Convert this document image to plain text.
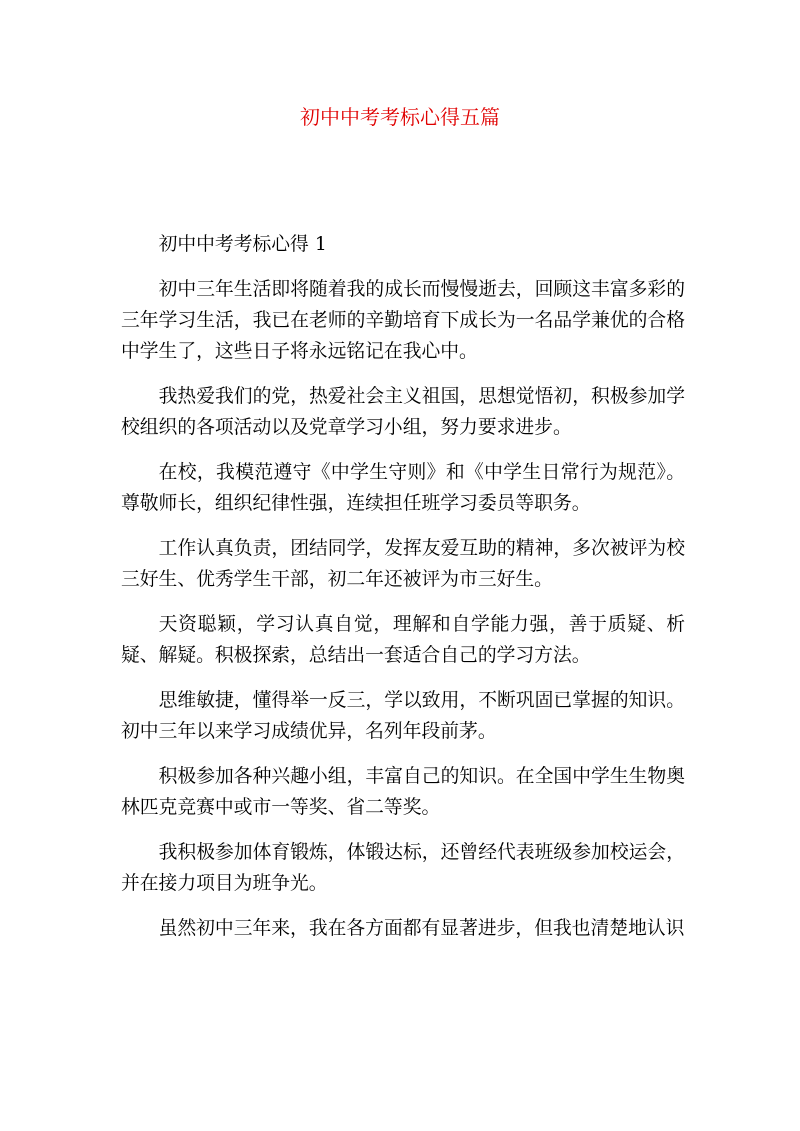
初中中考考标心得五篇

初中中考考标心得 1

初中三年生活即将随着我的成长而慢慢逝去，回顾这丰富多彩的三年学习生活，我已在老师的辛勤培育下成长为一名品学兼优的合格中学生了，这些日子将永远铭记在我心中。

我热爱我们的党，热爱社会主义祖国，思想觉悟初，积极参加学校组织的各项活动以及党章学习小组，努力要求进步。

在校，我模范遵守《中学生守则》和《中学生日常行为规范》。尊敬师长，组织纪律性强，连续担任班学习委员等职务。

工作认真负责，团结同学，发挥友爱互助的精神，多次被评为校三好生、优秀学生干部，初二年还被评为市三好生。

天资聪颖，学习认真自觉，理解和自学能力强，善于质疑、析疑、解疑。积极探索，总结出一套适合自己的学习方法。

思维敏捷，懂得举一反三，学以致用，不断巩固已掌握的知识。初中三年以来学习成绩优异，名列年段前茅。

积极参加各种兴趣小组，丰富自己的知识。在全国中学生生物奥林匹克竞赛中或市一等奖、省二等奖。

我积极参加体育锻炼，体锻达标，还曾经代表班级参加校运会，并在接力项目为班争光。

虽然初中三年来，我在各方面都有显著进步，但我也清楚地认识
